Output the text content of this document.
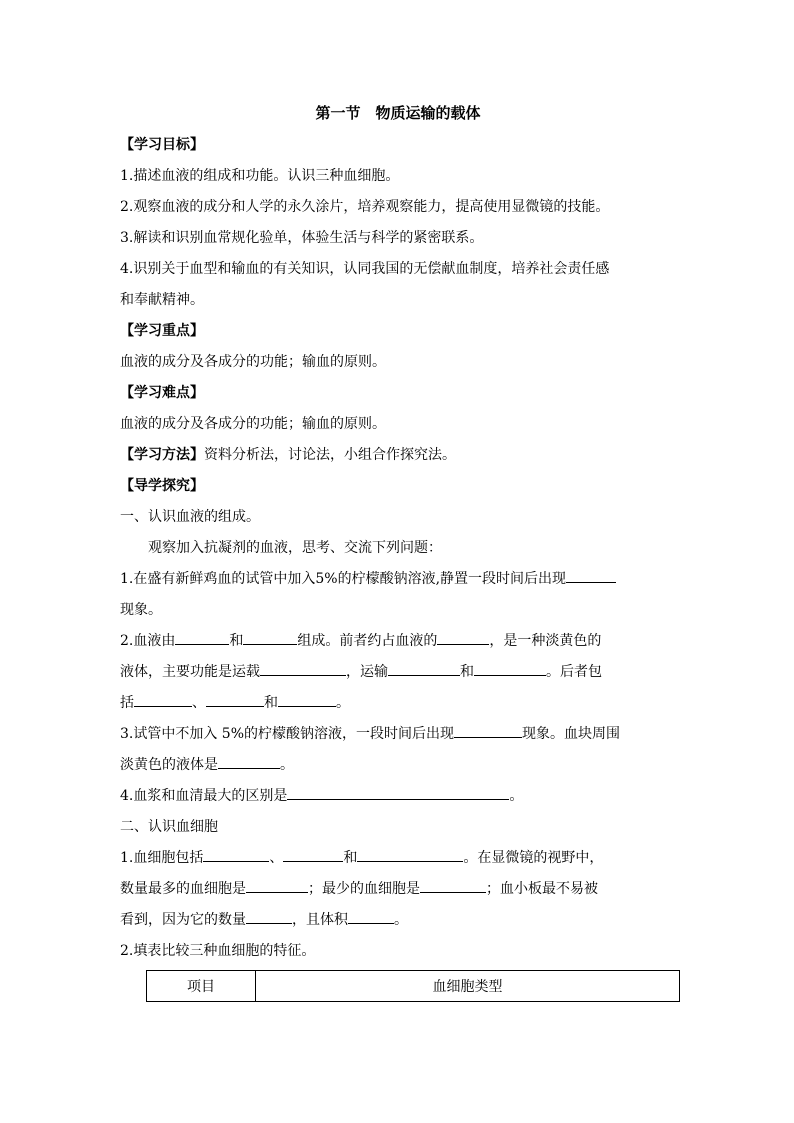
第一节　物质运输的载体
【学习目标】
1.描述血液的组成和功能。认识三种血细胞。
2.观察血液的成分和人学的永久涂片，培养观察能力，提高使用显微镜的技能。
3.解读和识别血常规化验单，体验生活与科学的紧密联系。
4.识别关于血型和输血的有关知识，认同我国的无偿献血制度，培养社会责任感
和奉献精神。
【学习重点】
血液的成分及各成分的功能；输血的原则。
【学习难点】
血液的成分及各成分的功能；输血的原则。
【学习方法】资料分析法，讨论法，小组合作探究法。
【导学探究】
一、认识血液的组成。
观察加入抗凝剂的血液，思考、交流下列问题：
1.在盛有新鲜鸡血的试管中加入5%的柠檬酸钠溶液,静置一段时间后出现
现象。
2.血液由	和	组成。前者约占血液的	，是一种淡黄色的
液体，主要功能是运载	，运输	和	。后者包
括	、	和	。
3.试管中不加入 5%的柠檬酸钠溶液，一段时间后出现	现象。血块周围
淡黄色的液体是	。
4.血浆和血清最大的区别是	。
二、认识血细胞
1.血细胞包括	、	和	。在显微镜的视野中，
数量最多的血细胞是	；最少的血细胞是	；血小板最不易被
看到，因为它的数量	，且体积	。
2.填表比较三种血细胞的特征。
项目	血细胞类型
